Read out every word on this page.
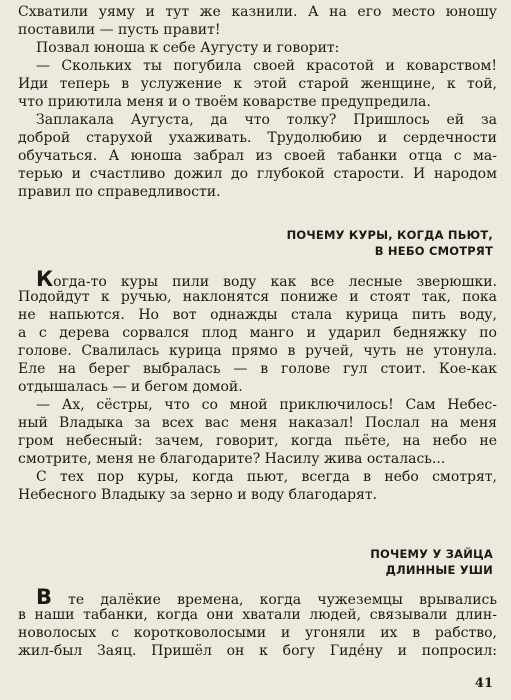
Схватили уяму и тут же казнили. А на его место юношу
поставили — пусть правит!
Позвал юноша к себе Аугусту и говорит:
— Скольких ты погубила своей красотой и коварством!
Иди теперь в услужение к этой старой женщине, к той,
что приютила меня и о твоём коварстве предупредила.
Заплакала Аугуста, да что толку? Пришлось ей за
доброй старухой ухаживать. Трудолюбию и сердечности
обучаться. А юноша забрал из своей табанки отца с ма-
терью и счастливо дожил до глубокой старости. И народом
правил по справедливости.
ПОЧЕМУ КУРЫ, КОГДА ПЬЮТ,
В НЕБО СМОТРЯТ
Когда-то куры пили воду как все лесные зверюшки.
Подойдут к ручью, наклонятся пониже и стоят так, пока
не напьются. Но вот однажды стала курица пить воду,
а с дерева сорвался плод манго и ударил бедняжку по
голове. Свалилась курица прямо в ручей, чуть не утонула.
Еле на берег выбралась — в голове гул стоит. Кое-как
отдышалась — и бегом домой.
— Ах, сёстры, что со мной приключилось! Сам Небес-
ный Владыка за всех вас меня наказал! Послал на меня
гром небесный: зачем, говорит, когда пьёте, на небо не
смотрите, меня не благодарите? Насилу жива осталась...
С тех пор куры, когда пьют, всегда в небо смотрят,
Небесного Владыку за зерно и воду благодарят.
ПОЧЕМУ У ЗАЙЦА
ДЛИННЫЕ УШИ
В те далёкие времена, когда чужеземцы врывались
в наши табанки, когда они хватали людей, связывали длин-
новолосых с коротковолосыми и угоняли их в рабство,
жил-был Заяц. Пришёл он к богу Гидéну и попросил:
41
